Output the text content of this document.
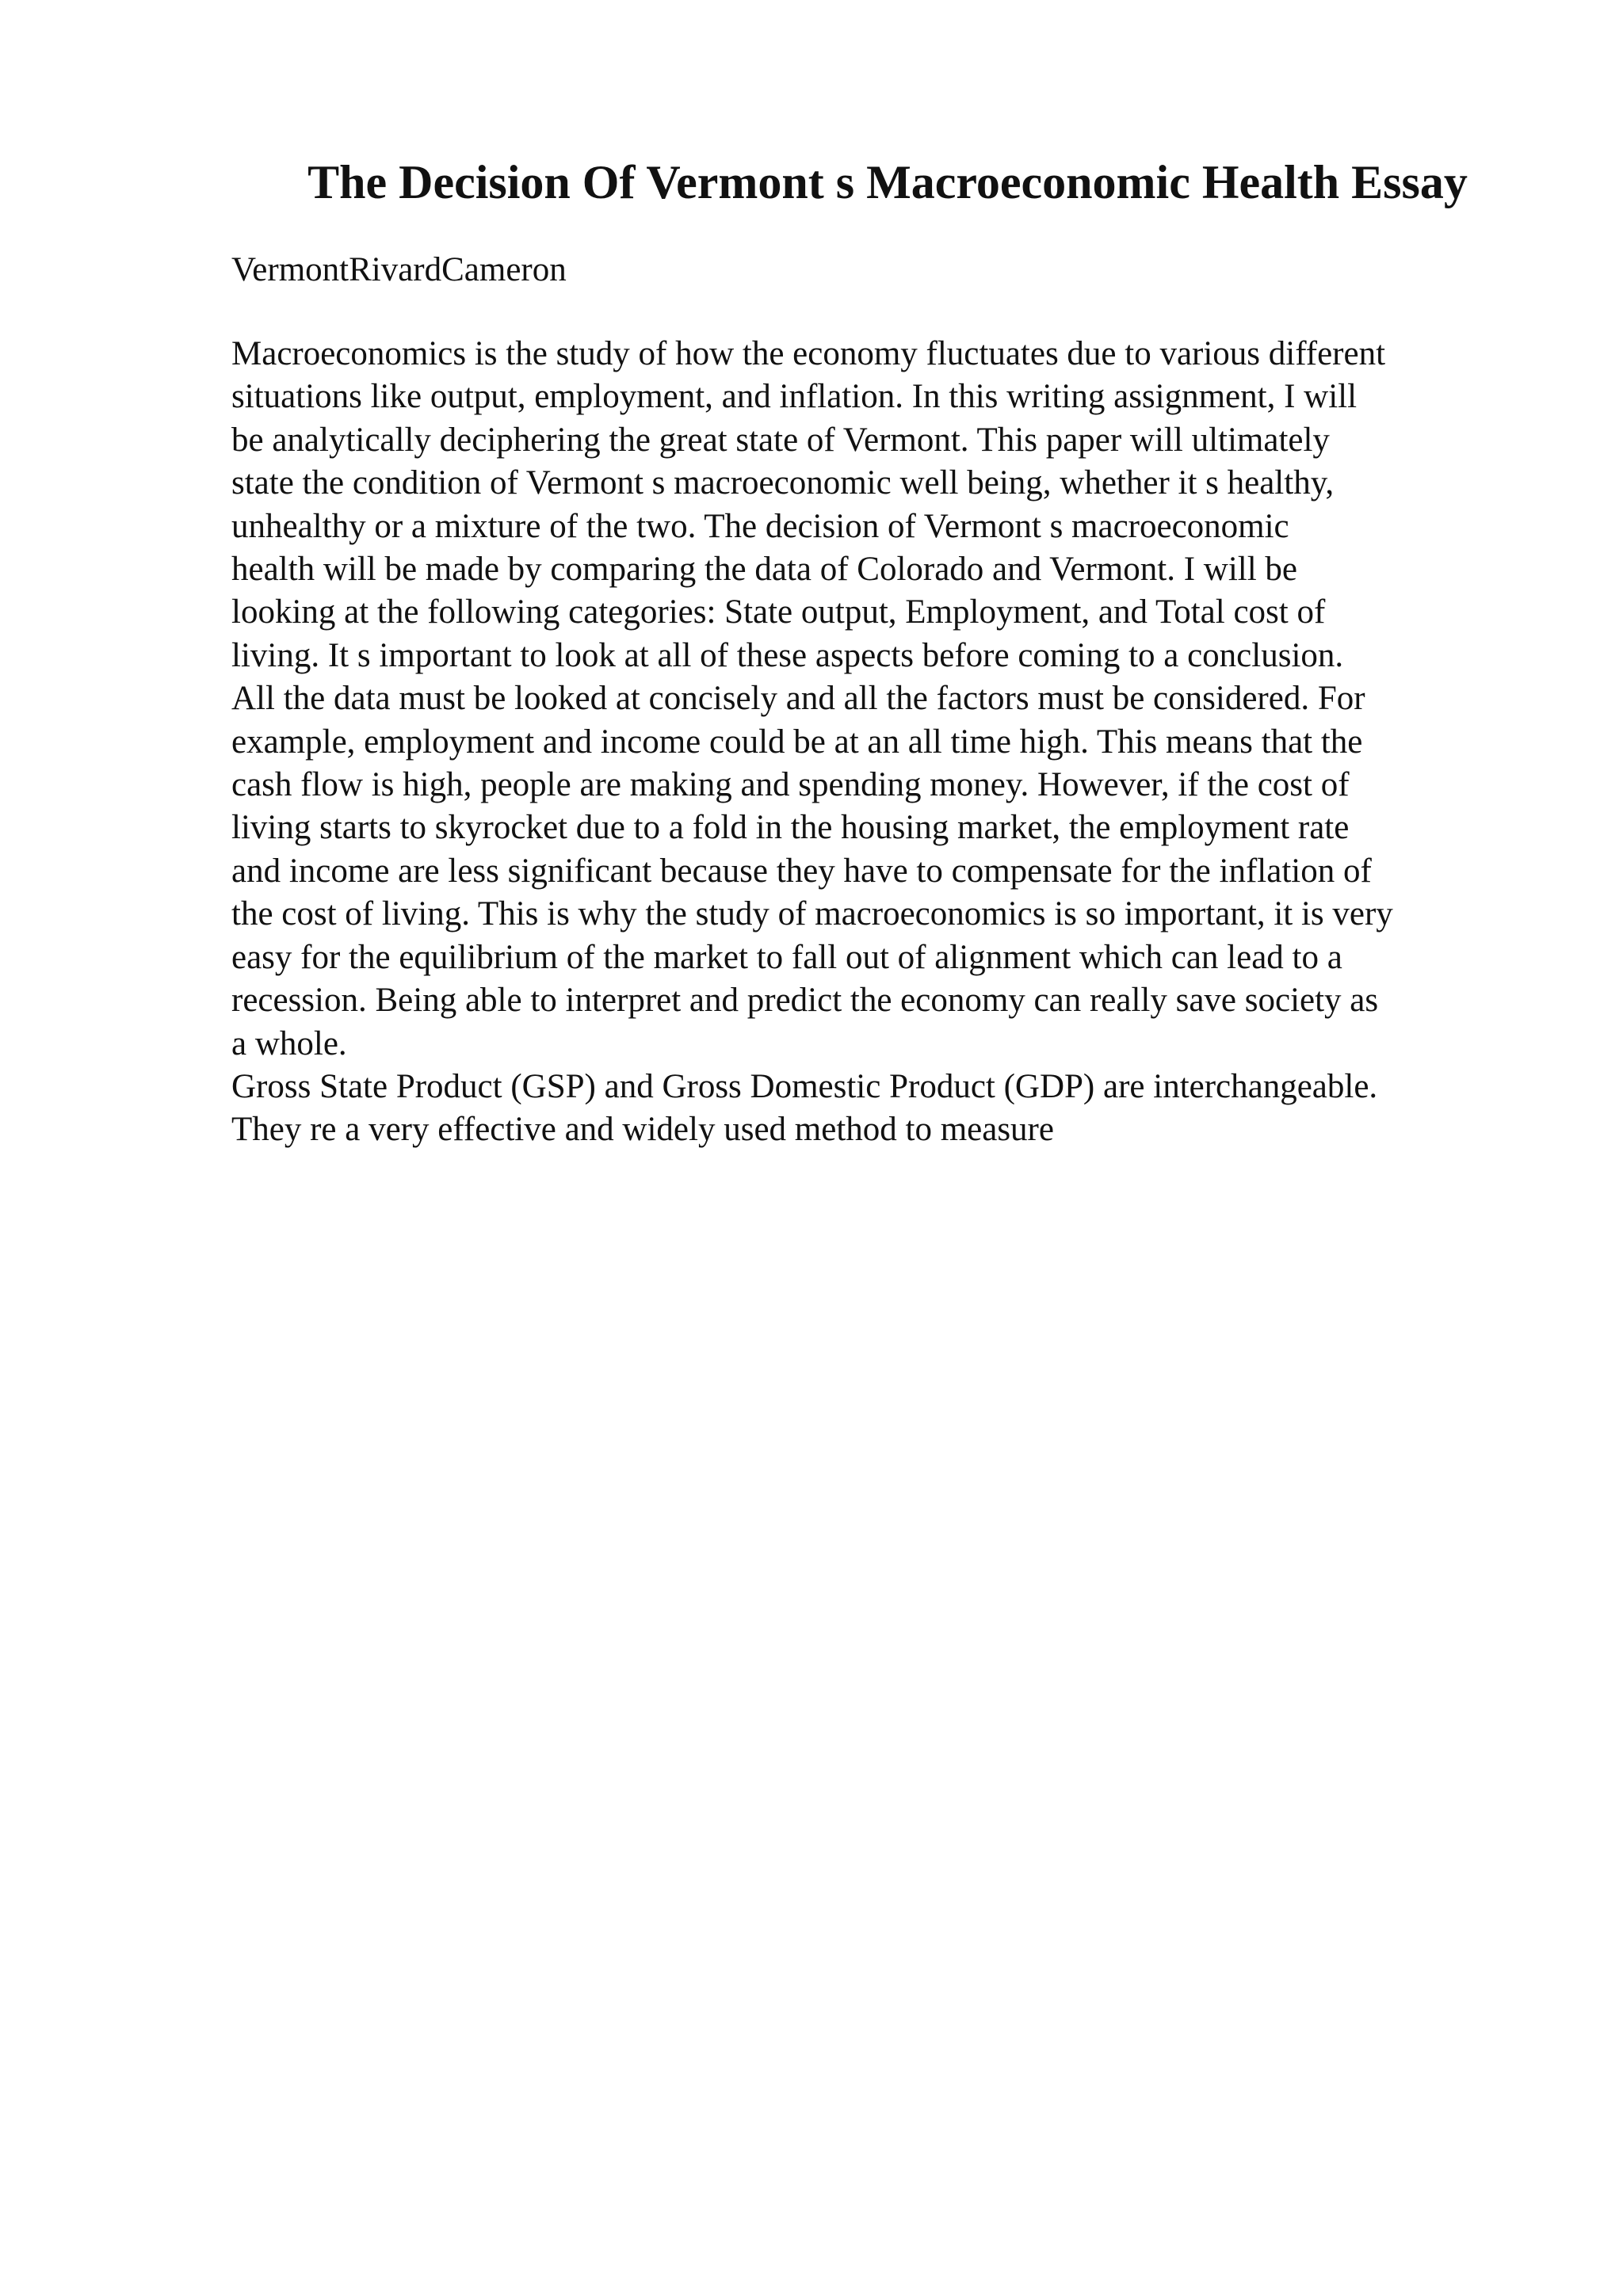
The Decision Of Vermont s Macroeconomic Health Essay

VermontRivardCameron

Macroeconomics is the study of how the economy fluctuates due to various different
situations like output, employment, and inflation. In this writing assignment, I will
be analytically deciphering the great state of Vermont. This paper will ultimately
state the condition of Vermont s macroeconomic well being, whether it s healthy,
unhealthy or a mixture of the two. The decision of Vermont s macroeconomic
health will be made by comparing the data of Colorado and Vermont. I will be
looking at the following categories: State output, Employment, and Total cost of
living. It s important to look at all of these aspects before coming to a conclusion.
All the data must be looked at concisely and all the factors must be considered. For
example, employment and income could be at an all time high. This means that the
cash flow is high, people are making and spending money. However, if the cost of
living starts to skyrocket due to a fold in the housing market, the employment rate
and income are less significant because they have to compensate for the inflation of
the cost of living. This is why the study of macroeconomics is so important, it is very
easy for the equilibrium of the market to fall out of alignment which can lead to a
recession. Being able to interpret and predict the economy can really save society as
a whole.
Gross State Product (GSP) and Gross Domestic Product (GDP) are interchangeable.
They re a very effective and widely used method to measure
